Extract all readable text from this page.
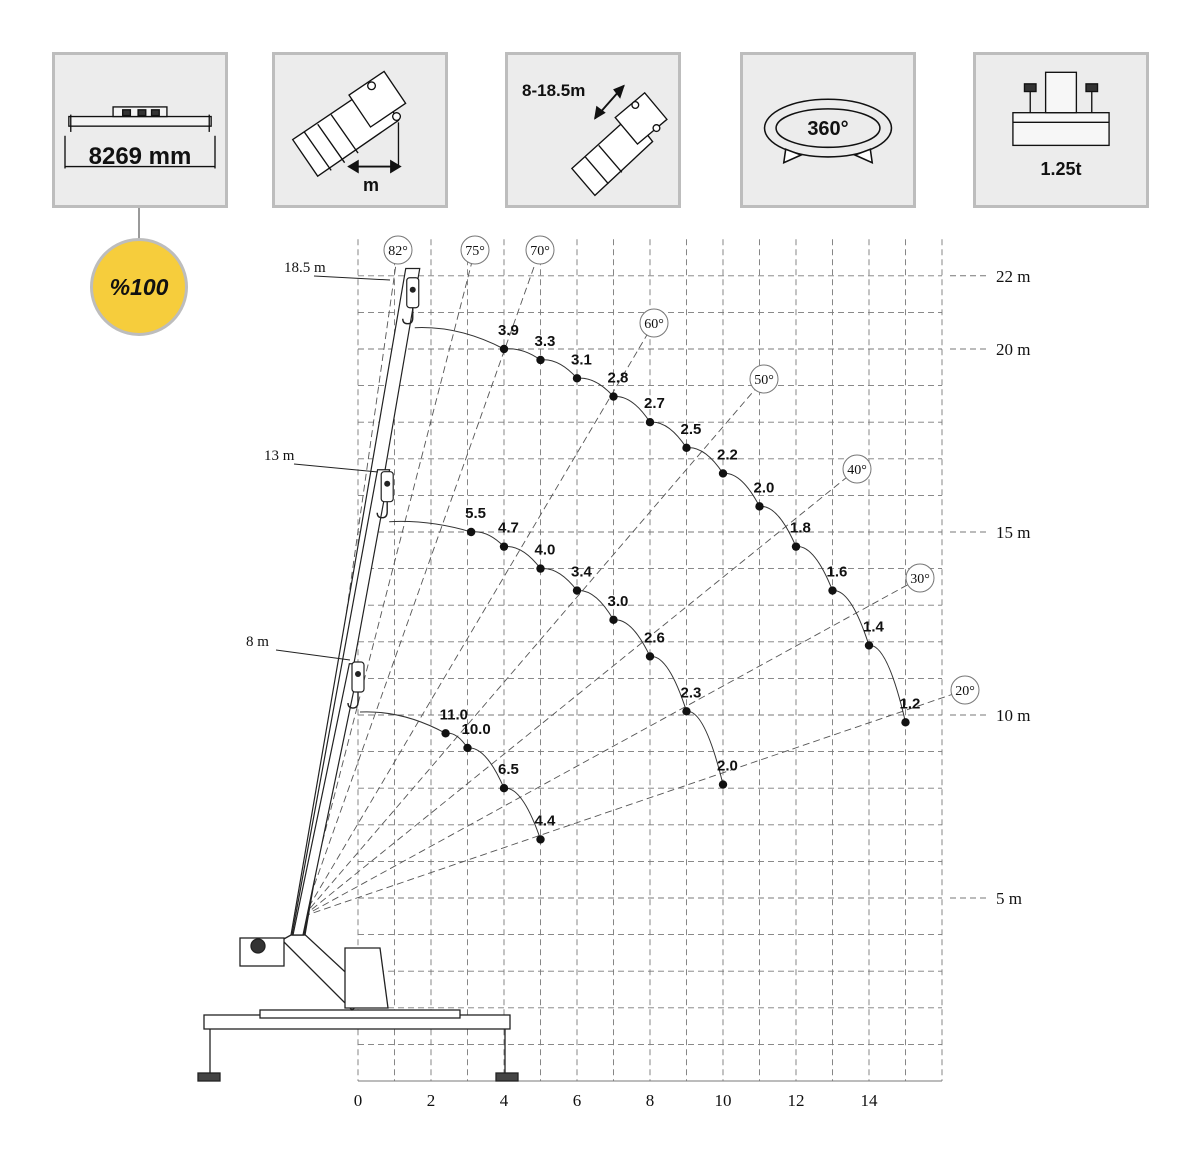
8269 mm
m
8-18.5m
360°
1.25t
%100
82°	75°	70°
60°
50°
40°
30°
20°
18.5 m
13 m
8 m
3.9
3.3
3.1
2.8
2.7
2.5
2.2
2.0
1.8
1.6
1.4
1.2
5.5
4.7
4.0
3.4
3.0
2.6
2.3
2.0
11.0
10.0
6.5
4.4
0	2	4	6	8	10	12	14
22 m
20 m
15 m
10 m
5 m
